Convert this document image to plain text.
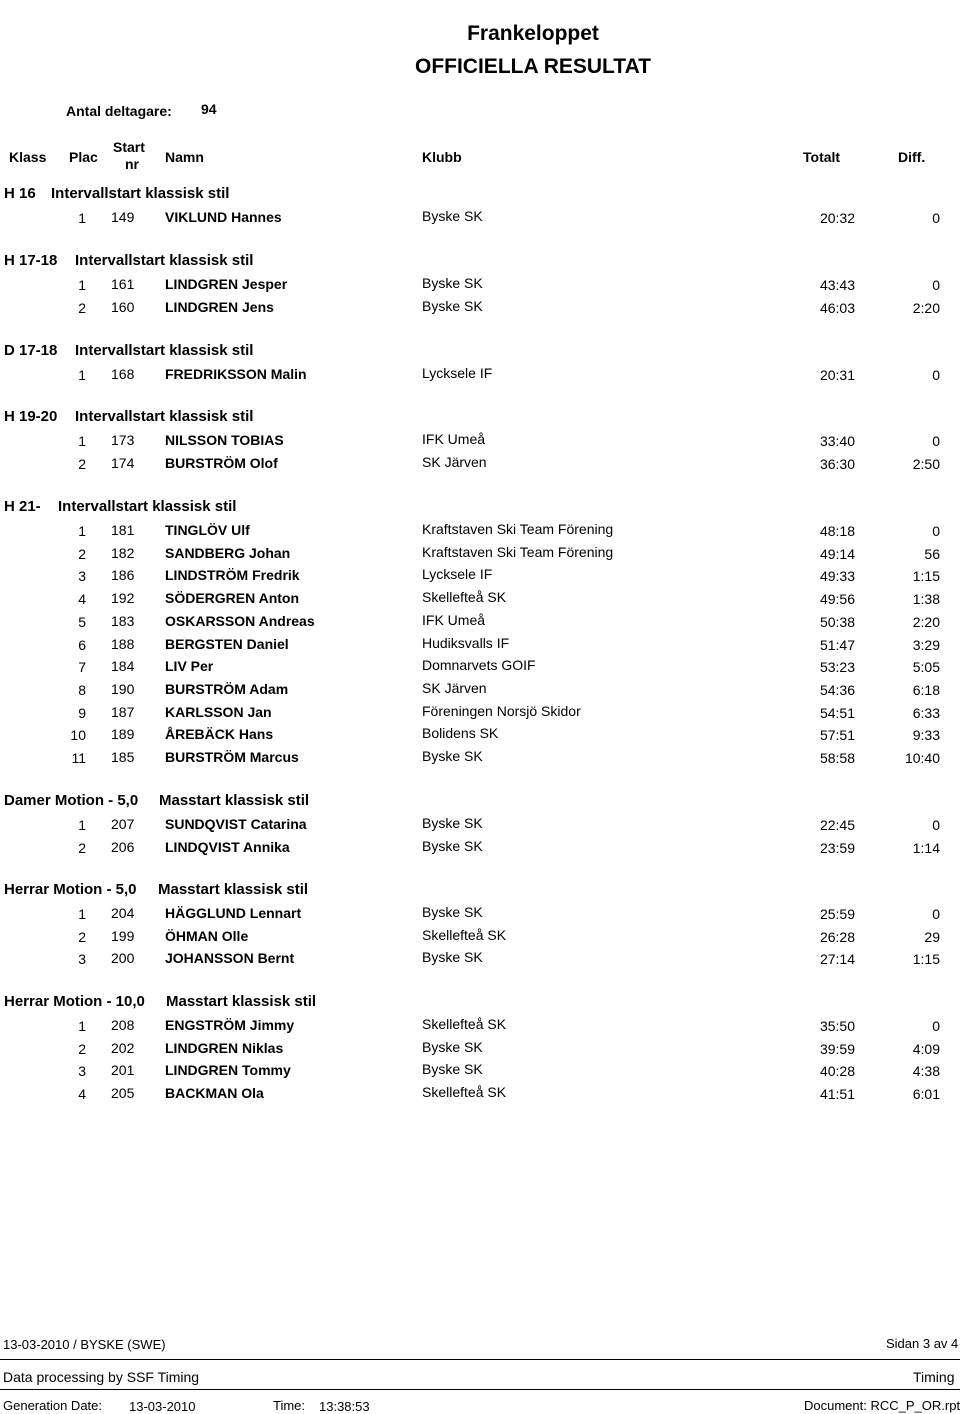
Frankeloppet
OFFICIELLA RESULTAT
Antal deltagare: 94
Klass Plac
Start
nr Namn	Klubb	Totalt	Diff.
H 16 Intervallstart klassisk stil
1 149 VIKLUND Hannes	Byske SK	20:32	0
H 17-18 Intervallstart klassisk stil
1 161 LINDGREN Jesper	Byske SK	43:43	0
2 160 LINDGREN Jens	Byske SK	46:03	2:20
D 17-18 Intervallstart klassisk stil
1 168 FREDRIKSSON Malin	Lycksele IF	20:31	0
H 19-20 Intervallstart klassisk stil
1 173 NILSSON TOBIAS	IFK Umeå	33:40	0
2 174 BURSTRÖM Olof	SK Järven	36:30	2:50
H 21- Intervallstart klassisk stil
1 181 TINGLÖV Ulf	Kraftstaven Ski Team Förening	48:18	0
2 182 SANDBERG Johan	Kraftstaven Ski Team Förening	49:14	56
3 186 LINDSTRÖM Fredrik	Lycksele IF	49:33	1:15
4 192 SÖDERGREN Anton	Skellefteå SK	49:56	1:38
5 183 OSKARSSON Andreas	IFK Umeå	50:38	2:20
6 188 BERGSTEN Daniel	Hudiksvalls IF	51:47	3:29
7 184 LIV Per	Domnarvets GOIF	53:23	5:05
8 190 BURSTRÖM Adam	SK Järven	54:36	6:18
9 187 KARLSSON Jan	Föreningen Norsjö Skidor	54:51	6:33
10 189 ÅREBÄCK Hans	Bolidens SK	57:51	9:33
11 185 BURSTRÖM Marcus	Byske SK	58:58	10:40
Damer Motion - 5,0 Masstart klassisk stil
1 207 SUNDQVIST Catarina	Byske SK	22:45	0
2 206 LINDQVIST Annika	Byske SK	23:59	1:14
Herrar Motion - 5,0 Masstart klassisk stil
1 204 HÄGGLUND Lennart	Byske SK	25:59	0
2 199 ÖHMAN Olle	Skellefteå SK	26:28	29
3 200 JOHANSSON Bernt	Byske SK	27:14	1:15
Herrar Motion - 10,0 Masstart klassisk stil
1 208 ENGSTRÖM Jimmy	Skellefteå SK	35:50	0
2 202 LINDGREN Niklas	Byske SK	39:59	4:09
3 201 LINDGREN Tommy	Byske SK	40:28	4:38
4 205 BACKMAN Ola	Skellefteå SK	41:51	6:01
13-03-2010 / BYSKE (SWE)	Sidan 3 av 4
Data processing by SSF Timing	Timing
Generation Date: 13-03-2010	Time: 13:38:53	Document: RCC_P_OR.rpt
